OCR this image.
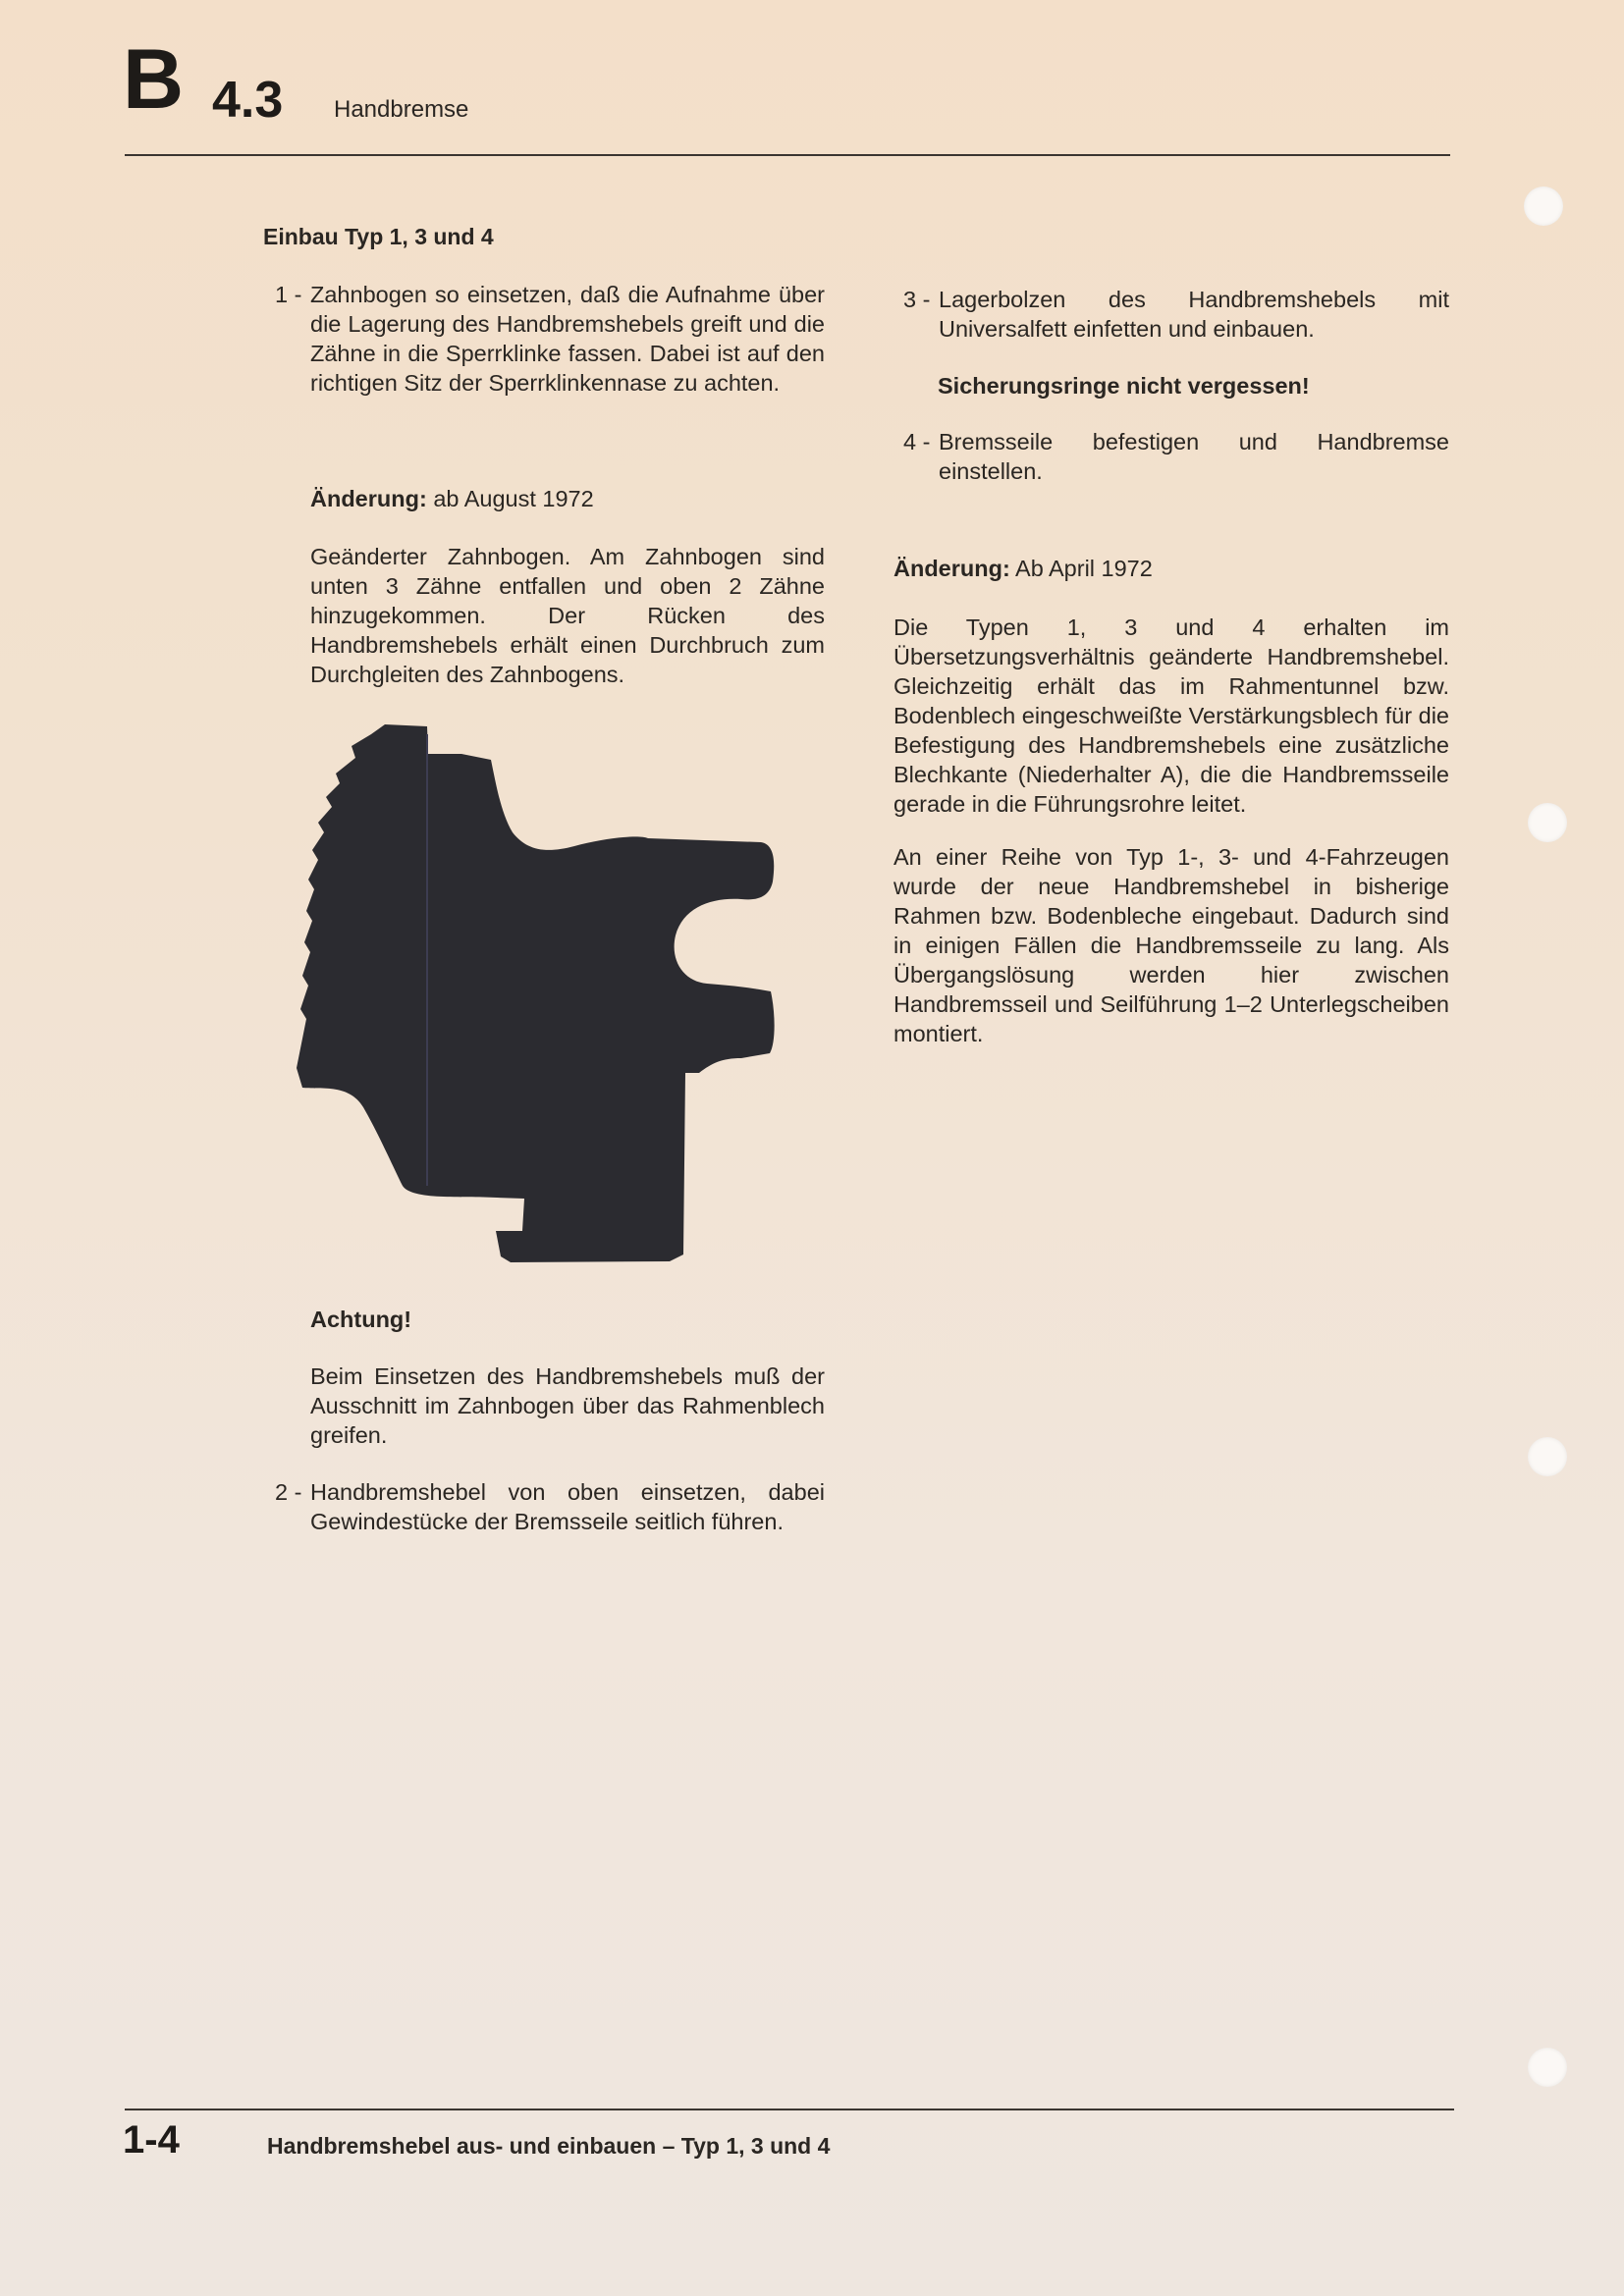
B 4.3 Handbremse
Einbau Typ 1, 3 und 4
1 - Zahnbogen so einsetzen, daß die Aufnahme über die Lagerung des Handbremshebels greift und die Zähne in die Sperrklinke fassen. Dabei ist auf den richtigen Sitz der Sperrklinkennase zu achten.
Änderung: ab August 1972
Geänderter Zahnbogen. Am Zahnbogen sind unten 3 Zähne entfallen und oben 2 Zähne hinzugekommen. Der Rücken des Handbremshebels erhält einen Durchbruch zum Durchgleiten des Zahnbogens.
Achtung!
Beim Einsetzen des Handbremshebels muß der Ausschnitt im Zahnbogen über das Rahmenblech greifen.
2 - Handbremshebel von oben einsetzen, dabei Gewindestücke der Bremsseile seitlich führen.
3 - Lagerbolzen des Handbremshebels mit Universalfett einfetten und einbauen.
Sicherungsringe nicht vergessen!
4 - Bremsseile befestigen und Handbremse einstellen.
Änderung: Ab April 1972
Die Typen 1, 3 und 4 erhalten im Übersetzungsverhältnis geänderte Handbremshebel. Gleichzeitig erhält das im Rahmentunnel bzw. Bodenblech eingeschweißte Verstärkungsblech für die Befestigung des Handbremshebels eine zusätzliche Blechkante (Niederhalter A), die die Handbremsseile gerade in die Führungsrohre leitet.
An einer Reihe von Typ 1-, 3- und 4-Fahrzeugen wurde der neue Handbremshebel in bisherige Rahmen bzw. Bodenbleche eingebaut. Dadurch sind in einigen Fällen die Handbremsseile zu lang. Als Übergangslösung werden hier zwischen Handbremsseil und Seilführung 1–2 Unterlegscheiben montiert.
1-4	Handbremshebel aus- und einbauen – Typ 1, 3 und 4
